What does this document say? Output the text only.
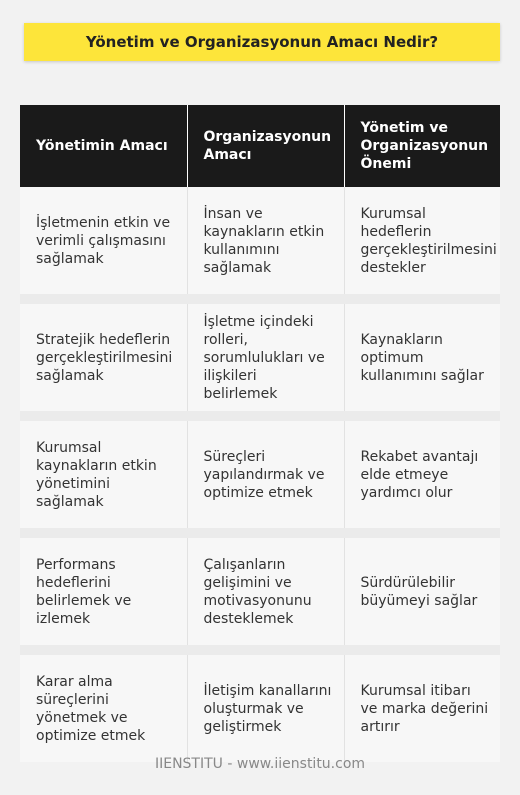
Yönetim ve Organizasyonun Amacı Nedir?
Yönetimin Amacı	Organizasyonun Amacı	Yönetim ve Organizasyonun Önemi
İşletmenin etkin ve verimli çalışmasını sağlamak	İnsan ve kaynakların etkin kullanımını sağlamak	Kurumsal hedeflerin gerçekleştirilmesini destekler
Stratejik hedeflerin gerçekleştirilmesini sağlamak	İşletme içindeki rolleri, sorumlulukları ve ilişkileri belirlemek	Kaynakların optimum kullanımını sağlar
Kurumsal kaynakların etkin yönetimini sağlamak	Süreçleri yapılandırmak ve optimize etmek	Rekabet avantajı elde etmeye yardımcı olur
Performans hedeflerini belirlemek ve izlemek	Çalışanların gelişimini ve motivasyonunu desteklemek	Sürdürülebilir büyümeyi sağlar
Karar alma süreçlerini yönetmek ve optimize etmek	İletişim kanallarını oluşturmak ve geliştirmek	Kurumsal itibarı ve marka değerini artırır
IIENSTITU - www.iienstitu.com
